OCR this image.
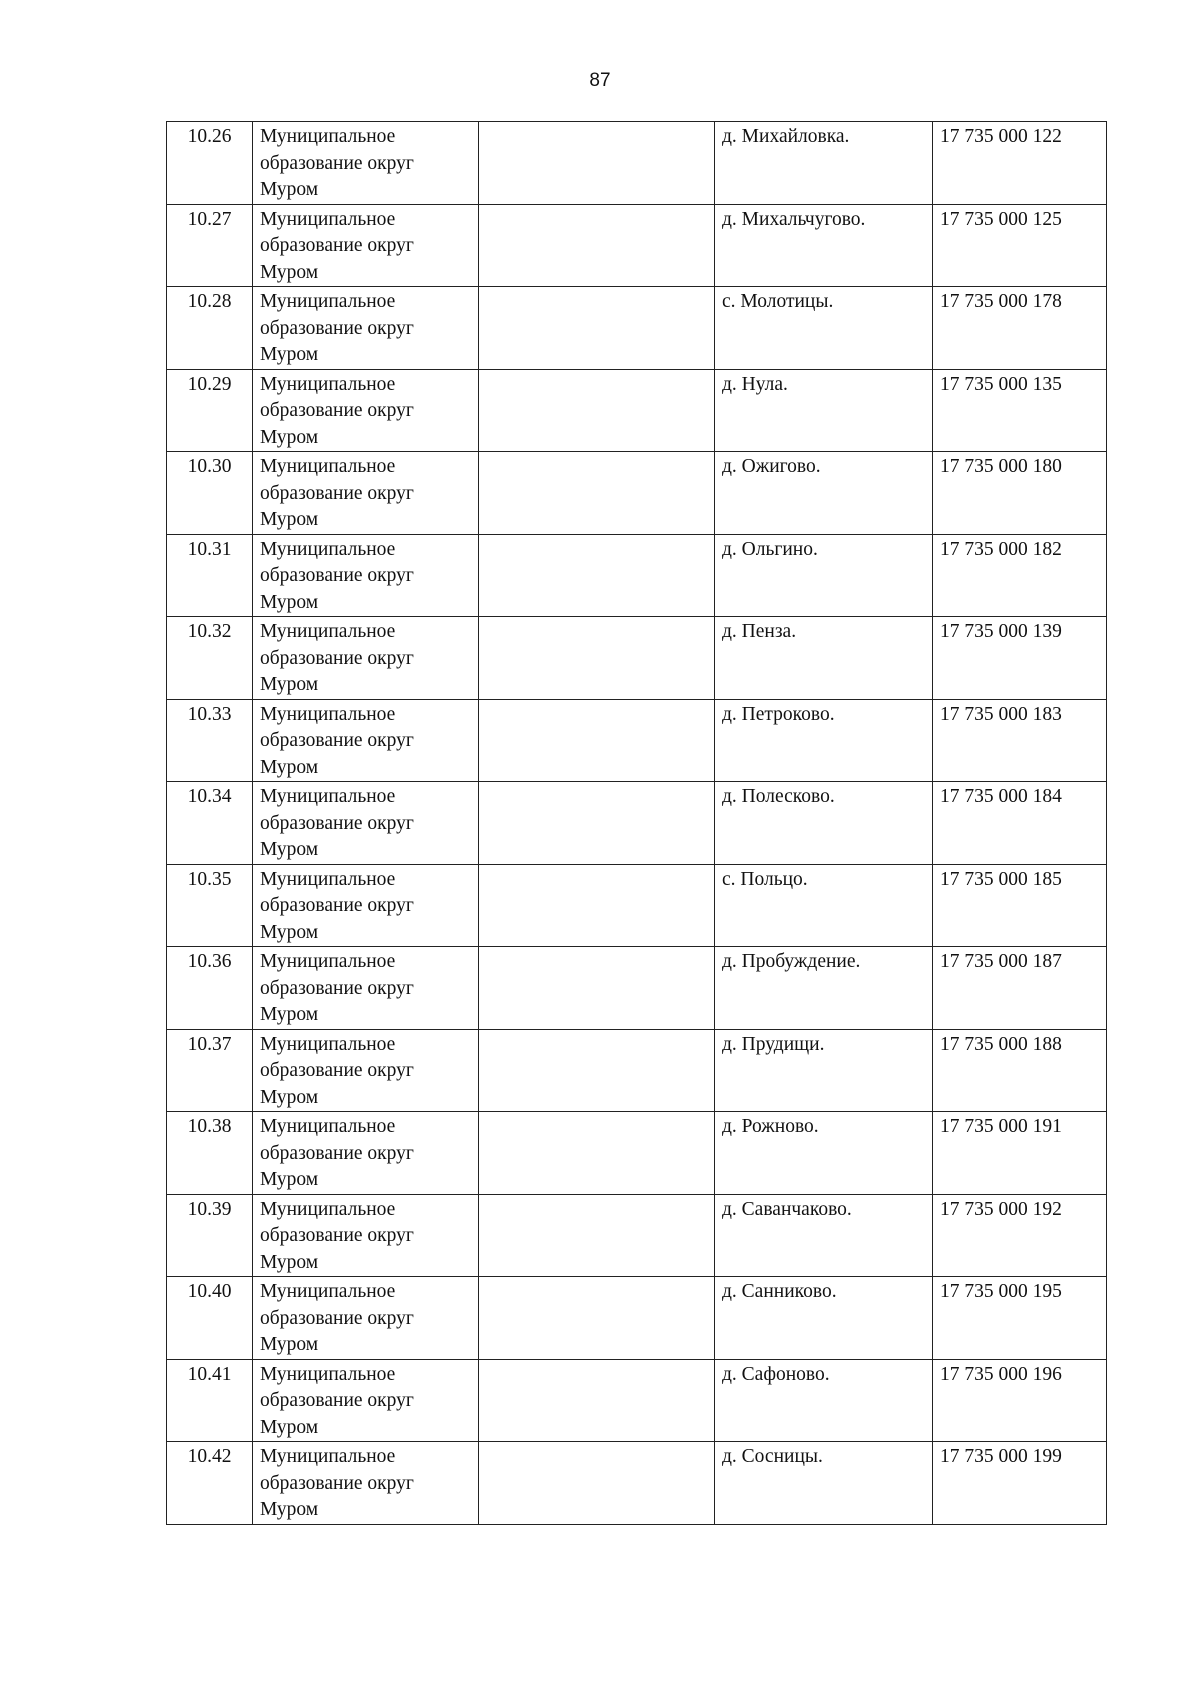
87
10.26	Муниципальное
образование округ
Муром		д. Михайловка.	17 735 000 122
10.27	Муниципальное
образование округ
Муром		д. Михальчугово.	17 735 000 125
10.28	Муниципальное
образование округ
Муром		с. Молотицы.	17 735 000 178
10.29	Муниципальное
образование округ
Муром		д. Нула.	17 735 000 135
10.30	Муниципальное
образование округ
Муром		д. Ожигово.	17 735 000 180
10.31	Муниципальное
образование округ
Муром		д. Ольгино.	17 735 000 182
10.32	Муниципальное
образование округ
Муром		д. Пенза.	17 735 000 139
10.33	Муниципальное
образование округ
Муром		д. Петроково.	17 735 000 183
10.34	Муниципальное
образование округ
Муром		д. Полесково.	17 735 000 184
10.35	Муниципальное
образование округ
Муром		с. Польцо.	17 735 000 185
10.36	Муниципальное
образование округ
Муром		д. Пробуждение.	17 735 000 187
10.37	Муниципальное
образование округ
Муром		д. Прудищи.	17 735 000 188
10.38	Муниципальное
образование округ
Муром		д. Рожново.	17 735 000 191
10.39	Муниципальное
образование округ
Муром		д. Саванчаково.	17 735 000 192
10.40	Муниципальное
образование округ
Муром		д. Санниково.	17 735 000 195
10.41	Муниципальное
образование округ
Муром		д. Сафоново.	17 735 000 196
10.42	Муниципальное
образование округ
Муром		д. Сосницы.	17 735 000 199
